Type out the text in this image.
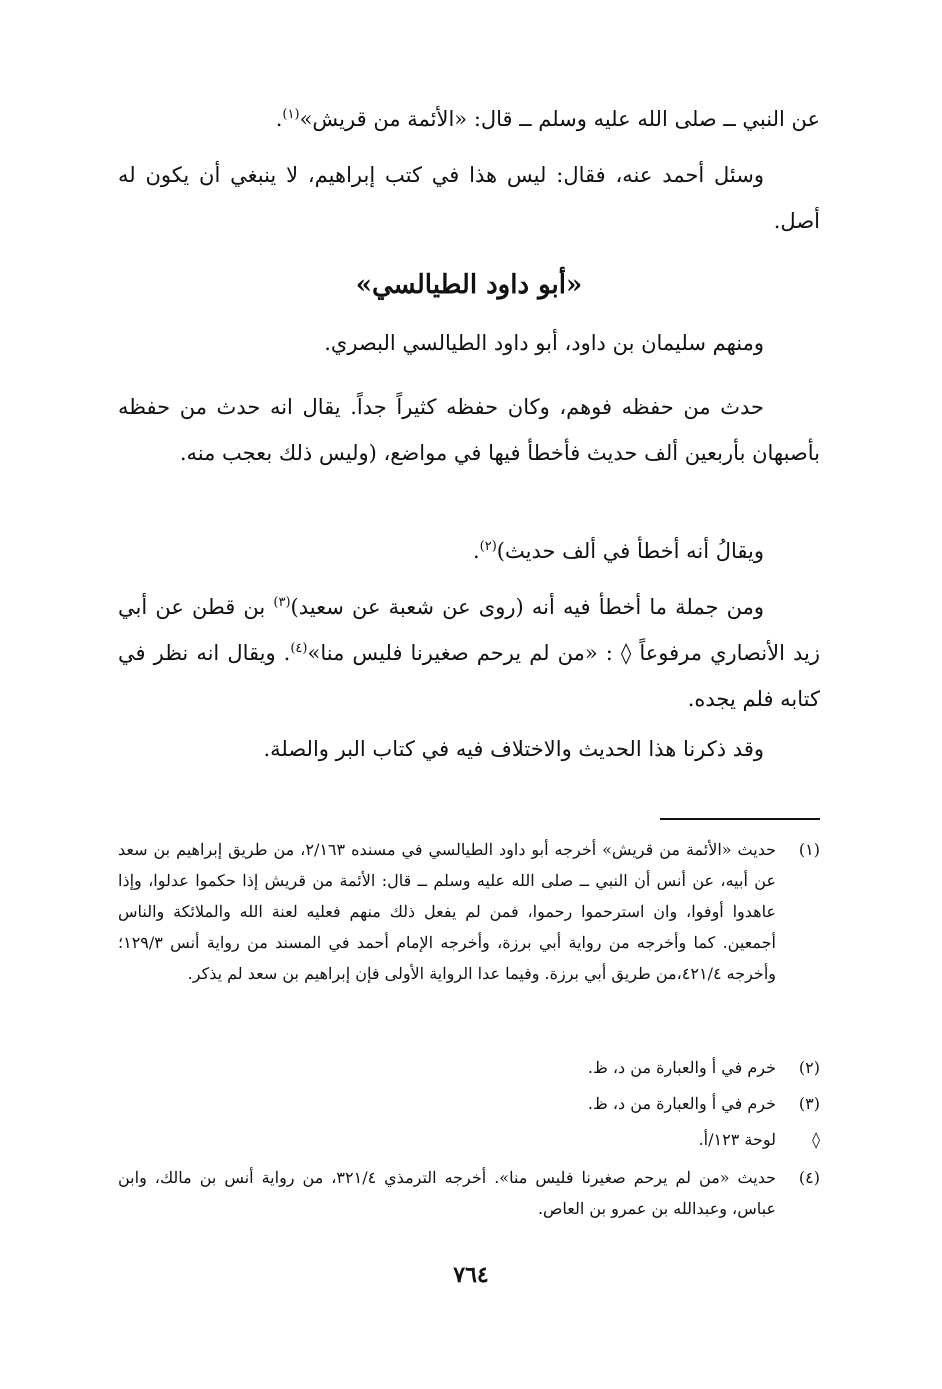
عن النبي ــ صلى الله عليه وسلم ــ قال: «الأئمة من قريش»$^{(١)}$.

وسئل أحمد عنه، فقال: ليس هذا في كتب إبراهيم، لا ينبغي أن يكون له أصل.

«أبو داود الطيالسي»

ومنهم سليمان بن داود، أبو داود الطيالسي البصري.

حدث من حفظه فوهم، وكان حفظه كثيراً جداً. يقال انه حدث من حفظه بأصبهان بأربعين ألف حديث فأخطأ فيها في مواضع، (وليس ذلك بعجب منه.

ويقالُ أنه أخطأ في ألف حديث)$^{(٢)}$.

ومن جملة ما أخطأ فيه أنه (روى عن شعبة عن سعيد)$^{(٣)}$ بن قطن عن أبي زيد الأنصاري مرفوعاً ◊ : «من لم يرحم صغيرنا فليس منا»$^{(٤)}$. ويقال انه نظر في كتابه فلم يجده.

وقد ذكرنا هذا الحديث والاختلاف فيه في كتاب البر والصلة.

(١)
حديث «الأئمة من قريش» أخرجه أبو داود الطيالسي في مسنده ٢/١٦٣، من طريق إبراهيم بن سعد عن أبيه، عن أنس أن النبي ــ صلى الله عليه وسلم ــ قال: الأئمة من قريش إذا حكموا عدلوا، وإذا عاهدوا أوفوا، وان استرحموا رحموا، فمن لم يفعل ذلك منهم فعليه لعنة الله والملائكة والناس أجمعين. كما وأخرجه من رواية أبي برزة، وأخرجه الإمام أحمد في المسند من رواية أنس ١٢٩/٣؛ وأخرجه ٤٢١/٤،من طريق أبي برزة. وفيما عدا الرواية الأولى فإن إبراهيم بن سعد لم يذكر.
(٢)
خرم في أ والعبارة من د، ظ.
(٣)
خرم في أ والعبارة من د، ظ.
◊
لوحة ١٢٣/أ.
(٤)
حديث «من لم يرحم صغيرنا فليس منا». أخرجه الترمذي ٣٢١/٤، من رواية أنس بن مالك، وابن عباس، وعبدالله بن عمرو بن العاص.
٧٦٤
